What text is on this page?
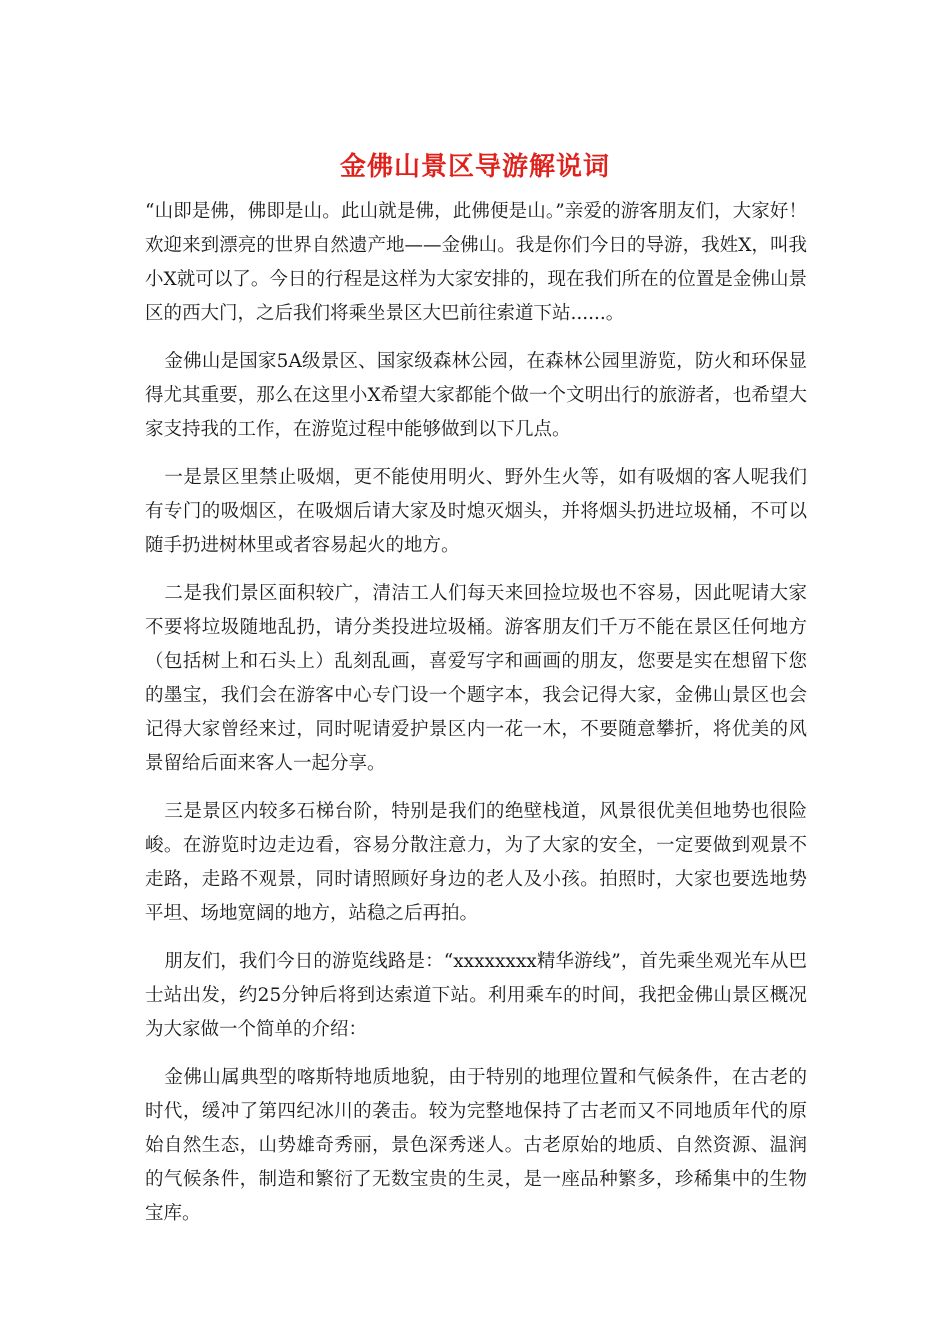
金佛山景区导游解说词

“山即是佛，佛即是山。此山就是佛，此佛便是山。”亲爱的游客朋友们，大家好！欢迎来到漂亮的世界自然遗产地——金佛山。我是你们今日的导游，我姓X，叫我小X就可以了。今日的行程是这样为大家安排的，现在我们所在的位置是金佛山景区的西大门，之后我们将乘坐景区大巴前往索道下站......。

金佛山是国家5A级景区、国家级森林公园，在森林公园里游览，防火和环保显得尤其重要，那么在这里小X希望大家都能个做一个文明出行的旅游者，也希望大家支持我的工作，在游览过程中能够做到以下几点。

一是景区里禁止吸烟，更不能使用明火、野外生火等，如有吸烟的客人呢我们有专门的吸烟区，在吸烟后请大家及时熄灭烟头，并将烟头扔进垃圾桶，不可以随手扔进树林里或者容易起火的地方。

二是我们景区面积较广，清洁工人们每天来回捡垃圾也不容易，因此呢请大家不要将垃圾随地乱扔，请分类投进垃圾桶。游客朋友们千万不能在景区任何地方（包括树上和石头上）乱刻乱画，喜爱写字和画画的朋友，您要是实在想留下您的墨宝，我们会在游客中心专门设一个题字本，我会记得大家，金佛山景区也会记得大家曾经来过，同时呢请爱护景区内一花一木，不要随意攀折，将优美的风景留给后面来客人一起分享。

三是景区内较多石梯台阶，特别是我们的绝壁栈道，风景很优美但地势也很险峻。在游览时边走边看，容易分散注意力，为了大家的安全，一定要做到观景不走路，走路不观景，同时请照顾好身边的老人及小孩。拍照时，大家也要选地势平坦、场地宽阔的地方，站稳之后再拍。

朋友们，我们今日的游览线路是：“xxxxxxxx精华游线”，首先乘坐观光车从巴士站出发，约25分钟后将到达索道下站。利用乘车的时间，我把金佛山景区概况为大家做一个简单的介绍：

金佛山属典型的喀斯特地质地貌，由于特别的地理位置和气候条件，在古老的时代，缓冲了第四纪冰川的袭击。较为完整地保持了古老而又不同地质年代的原始自然生态，山势雄奇秀丽，景色深秀迷人。古老原始的地质、自然资源、温润的气候条件，制造和繁衍了无数宝贵的生灵，是一座品种繁多，珍稀集中的生物宝库。
